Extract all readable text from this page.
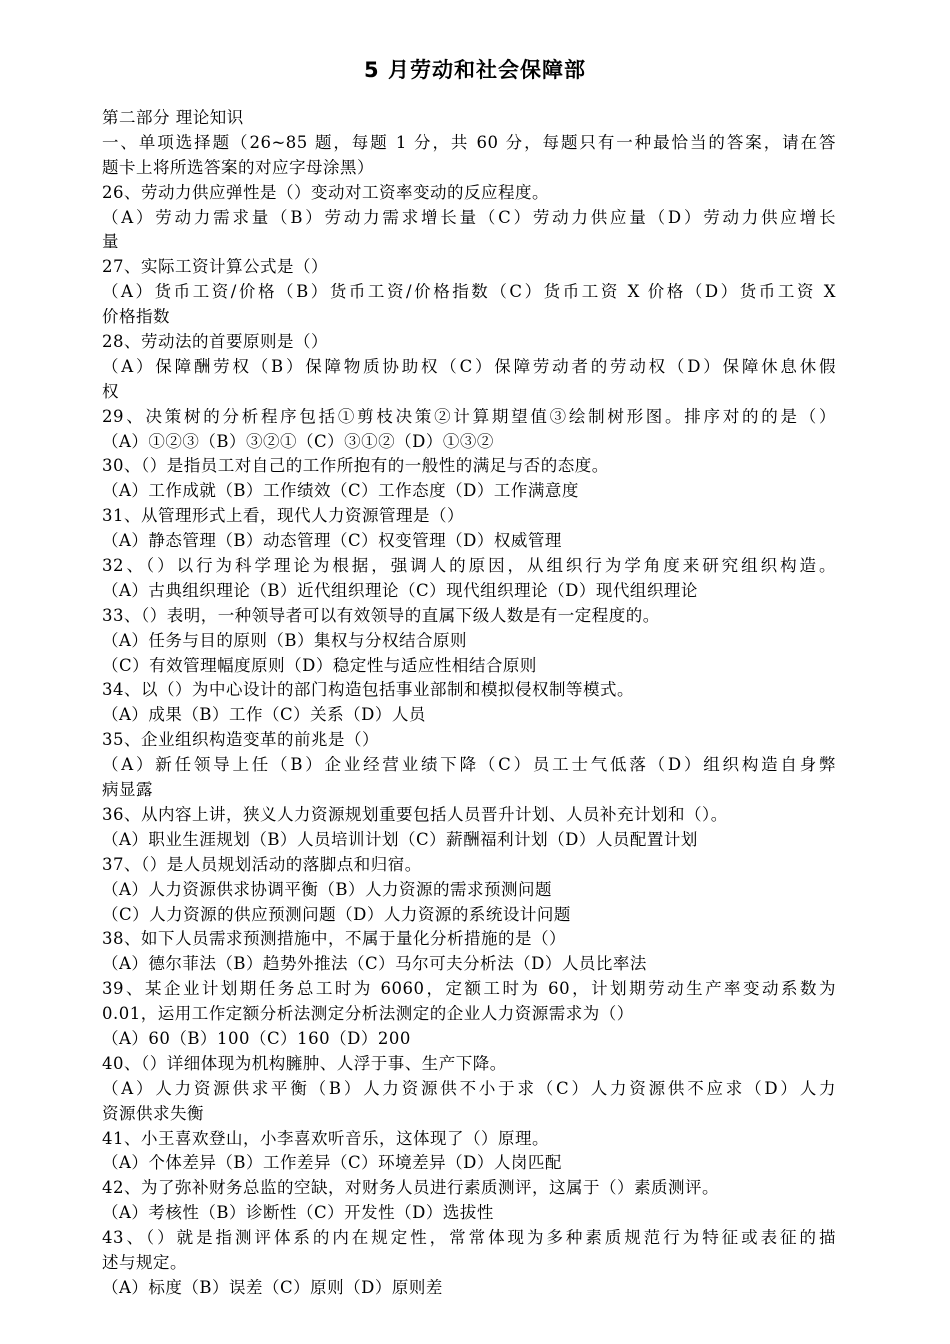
5 月劳动和社会保障部
第二部分 理论知识
一、单项选择题（26~85 题，每题 1 分，共 60 分，每题只有一种最恰当的答案，请在答
题卡上将所选答案的对应字母涂黑）
26、劳动力供应弹性是（）变动对工资率变动的反应程度。
（A）劳动力需求量（B）劳动力需求增长量（C）劳动力供应量（D）劳动力供应增长
量
27、实际工资计算公式是（）
（A）货币工资/价格（B）货币工资/价格指数（C）货币工资 X 价格（D）货币工资 X
价格指数
28、劳动法的首要原则是（）
（A）保障酬劳权（B）保障物质协助权（C）保障劳动者的劳动权（D）保障休息休假
权
29、决策树的分析程序包括①剪枝决策②计算期望值③绘制树形图。排序对的的是（）
（A）①②③（B）③②①（C）③①②（D）①③②
30、（）是指员工对自己的工作所抱有的一般性的满足与否的态度。
（A）工作成就（B）工作绩效（C）工作态度（D）工作满意度
31、从管理形式上看，现代人力资源管理是（）
（A）静态管理（B）动态管理（C）权变管理（D）权威管理
32、（）以行为科学理论为根据，强调人的原因，从组织行为学角度来研究组织构造。
（A）古典组织理论（B）近代组织理论（C）现代组织理论（D）现代组织理论
33、（）表明，一种领导者可以有效领导的直属下级人数是有一定程度的。
（A）任务与目的原则（B）集权与分权结合原则
（C）有效管理幅度原则（D）稳定性与适应性相结合原则
34、以（）为中心设计的部门构造包括事业部制和模拟侵权制等模式。
（A）成果（B）工作（C）关系（D）人员
35、企业组织构造变革的前兆是（）
（A）新任领导上任（B）企业经营业绩下降（C）员工士气低落（D）组织构造自身弊
病显露
36、从内容上讲，狭义人力资源规划重要包括人员晋升计划、人员补充计划和（）。
（A）职业生涯规划（B）人员培训计划（C）薪酬福利计划（D）人员配置计划
37、（）是人员规划活动的落脚点和归宿。
（A）人力资源供求协调平衡（B）人力资源的需求预测问题
（C）人力资源的供应预测问题（D）人力资源的系统设计问题
38、如下人员需求预测措施中，不属于量化分析措施的是（）
（A）德尔菲法（B）趋势外推法（C）马尔可夫分析法（D）人员比率法
39、某企业计划期任务总工时为 6060，定额工时为 60，计划期劳动生产率变动系数为
0.01，运用工作定额分析法测定分析法测定的企业人力资源需求为（）
（A）60（B）100（C）160（D）200
40、（）详细体现为机构臃肿、人浮于事、生产下降。
（A）人力资源供求平衡（B）人力资源供不小于求（C）人力资源供不应求（D）人力
资源供求失衡
41、小王喜欢登山，小李喜欢听音乐，这体现了（）原理。
（A）个体差异（B）工作差异（C）环境差异（D）人岗匹配
42、为了弥补财务总监的空缺，对财务人员进行素质测评，这属于（）素质测评。
（A）考核性（B）诊断性（C）开发性（D）选拔性
43、（）就是指测评体系的内在规定性，常常体现为多种素质规范行为特征或表征的描
述与规定。
（A）标度（B）误差（C）原则（D）原则差
